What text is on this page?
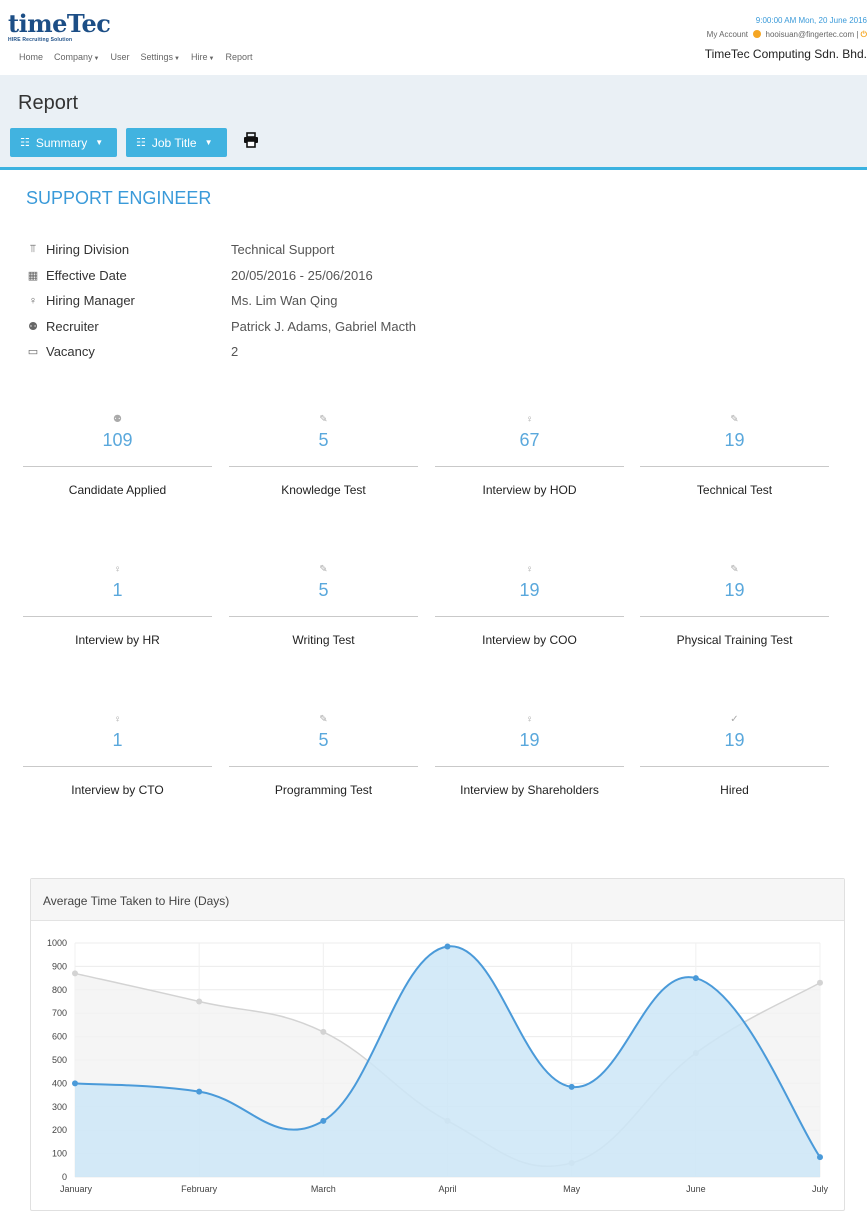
timeTec
HIRE Recruiting Solution
Home Company▼ User Settings▼ Hire▼ Report
9:00:00 AM Mon, 20 June 2016
My Account hooisuan@fingertec.com | ⏻
TimeTec Computing Sdn. Bhd.
Report
☷ Summary ▼	☷ Job Title ▼
SUPPORT ENGINEER
⫪ Hiring Division	Technical Support
▦ Effective Date	20/05/2016 - 25/06/2016
♀ Hiring Manager	Ms. Lim Wan Qing
⚉ Recruiter	Patrick J. Adams, Gabriel Macth
▭ Vacancy	2
⚉
109
Candidate Applied
✎
5
Knowledge Test
♀
67
Interview by HOD
✎
19
Technical Test
♀
1
Interview by HR
✎
5
Writing Test
♀
19
Interview by COO
✎
19
Physical Training Test
♀
1
Interview by CTO
✎
5
Programming Test
♀
19
Interview by Shareholders
✓
19
Hired
Average Time Taken to Hire (Days)
0
100
200
300
400
500
600
700
800
900
1000
January	February	March	April	May	June	July
